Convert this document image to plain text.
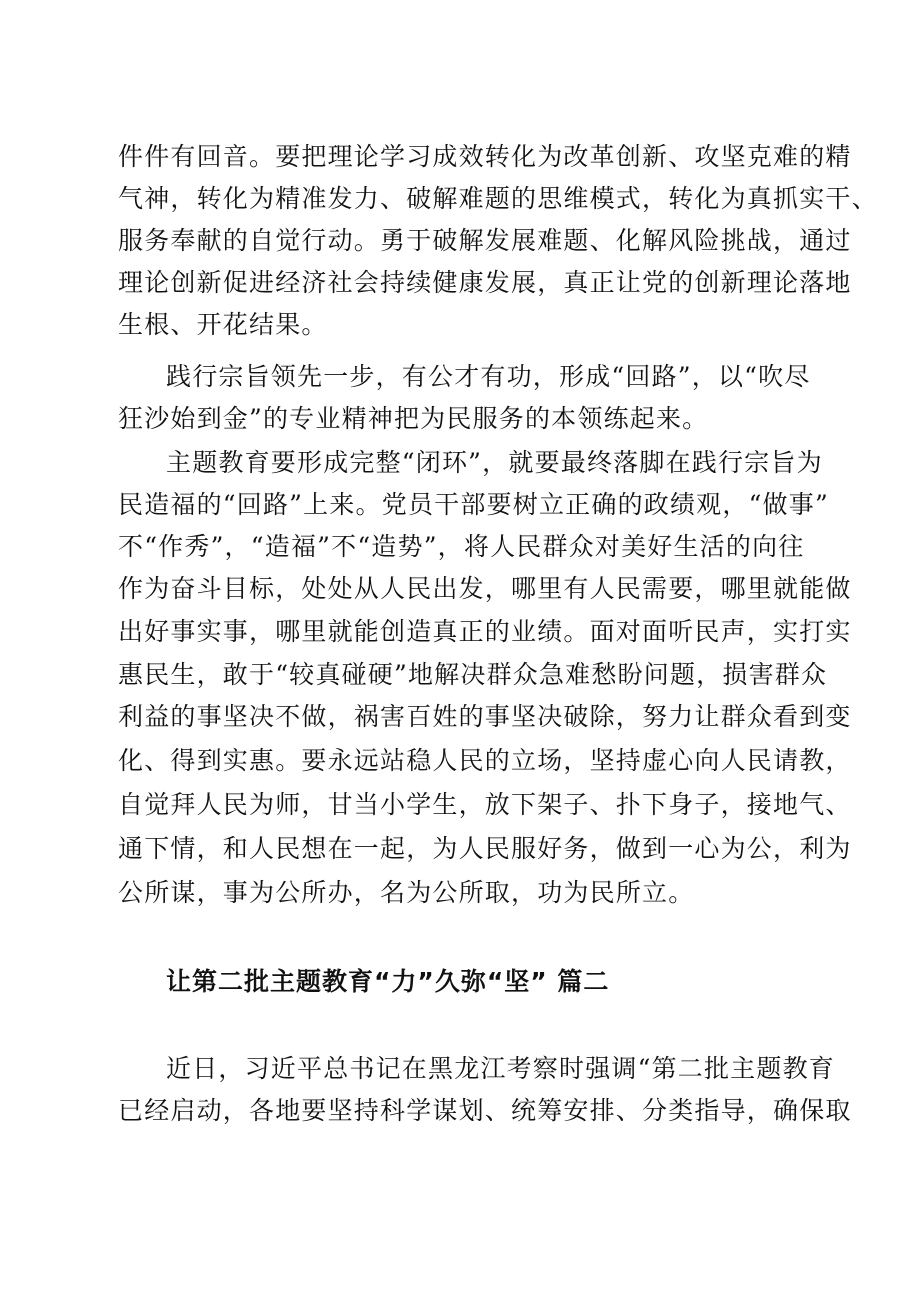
件件有回音。要把理论学习成效转化为改革创新、攻坚克难的精
气神，转化为精准发力、破解难题的思维模式，转化为真抓实干、
服务奉献的自觉行动。勇于破解发展难题、化解风险挑战，通过
理论创新促进经济社会持续健康发展，真正让党的创新理论落地
生根、开花结果。
践行宗旨领先一步，有公才有功，形成“回路”，以“吹尽
狂沙始到金”的专业精神把为民服务的本领练起来。
主题教育要形成完整“闭环”，就要最终落脚在践行宗旨为
民造福的“回路”上来。党员干部要树立正确的政绩观，“做事”
不“作秀”，“造福”不“造势”，将人民群众对美好生活的向往
作为奋斗目标，处处从人民出发，哪里有人民需要，哪里就能做
出好事实事，哪里就能创造真正的业绩。面对面听民声，实打实
惠民生，敢于“较真碰硬”地解决群众急难愁盼问题，损害群众
利益的事坚决不做，祸害百姓的事坚决破除，努力让群众看到变
化、得到实惠。要永远站稳人民的立场，坚持虚心向人民请教，
自觉拜人民为师，甘当小学生，放下架子、扑下身子，接地气、
通下情，和人民想在一起，为人民服好务，做到一心为公，利为
公所谋，事为公所办，名为公所取，功为民所立。
让第二批主题教育“力”久弥“坚” 篇二
近日，习近平总书记在黑龙江考察时强调“第二批主题教育
已经启动，各地要坚持科学谋划、统筹安排、分类指导，确保取
